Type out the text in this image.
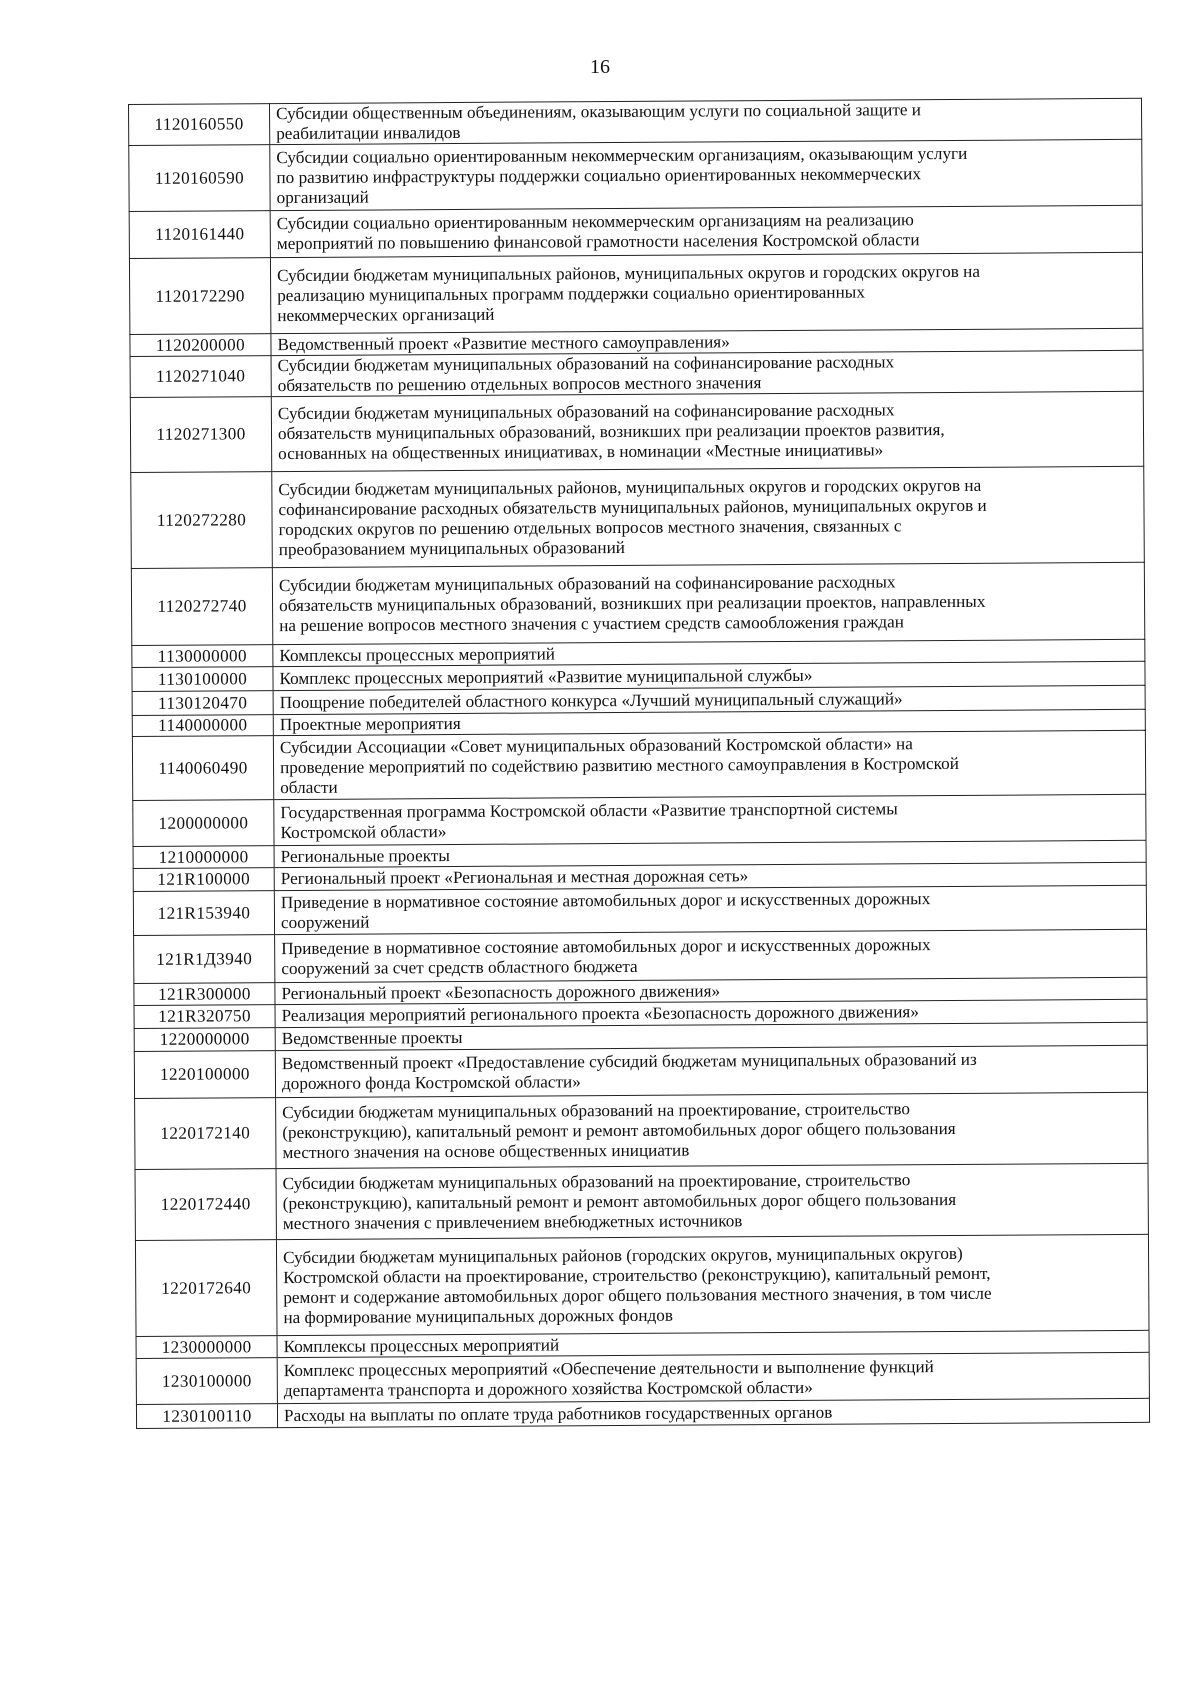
16
1120160550	Субсидии общественным объединениям, оказывающим услуги по социальной защите и
реабилитации инвалидов

1120160590	Субсидии социально ориентированным некоммерческим организациям, оказывающим услуги
по развитию инфраструктуры поддержки социально ориентированных некоммерческих
организаций

1120161440	Субсидии социально ориентированным некоммерческим организациям на реализацию
мероприятий по повышению финансовой грамотности населения Костромской области

1120172290	Субсидии бюджетам муниципальных районов, муниципальных округов и городских округов на
реализацию муниципальных программ поддержки социально ориентированных
некоммерческих организаций

1120200000	Ведомственный проект «Развитие местного самоуправления»

1120271040	Субсидии бюджетам муниципальных образований на софинансирование расходных
обязательств по решению отдельных вопросов местного значения

1120271300	Субсидии бюджетам муниципальных образований на софинансирование расходных
обязательств муниципальных образований, возникших при реализации проектов развития,
основанных на общественных инициативах, в номинации «Местные инициативы»

1120272280	Субсидии бюджетам муниципальных районов, муниципальных округов и городских округов на
софинансирование расходных обязательств муниципальных районов, муниципальных округов и
городских округов по решению отдельных вопросов местного значения, связанных с
преобразованием муниципальных образований

1120272740	Субсидии бюджетам муниципальных образований на софинансирование расходных
обязательств муниципальных образований, возникших при реализации проектов, направленных
на решение вопросов местного значения с участием средств самообложения граждан

1130000000	Комплексы процессных мероприятий

1130100000	Комплекс процессных мероприятий «Развитие муниципальной службы»

1130120470	Поощрение победителей областного конкурса «Лучший муниципальный служащий»

1140000000	Проектные мероприятия

1140060490	Субсидии Ассоциации «Совет муниципальных образований Костромской области» на
проведение мероприятий по содействию развитию местного самоуправления в Костромской
области

1200000000	Государственная программа Костромской области «Развитие транспортной системы
Костромской области»

1210000000	Региональные проекты

121R100000	Региональный проект «Региональная и местная дорожная сеть»

121R153940	Приведение в нормативное состояние автомобильных дорог и искусственных дорожных
сооружений

121R1Д3940	Приведение в нормативное состояние автомобильных дорог и искусственных дорожных
сооружений за счет средств областного бюджета

121R300000	Региональный проект «Безопасность дорожного движения»

121R320750	Реализация мероприятий регионального проекта «Безопасность дорожного движения»

1220000000	Ведомственные проекты

1220100000	Ведомственный проект «Предоставление субсидий бюджетам муниципальных образований из
дорожного фонда Костромской области»

1220172140	Субсидии бюджетам муниципальных образований на проектирование, строительство
(реконструкцию), капитальный ремонт и ремонт автомобильных дорог общего пользования
местного значения на основе общественных инициатив

1220172440	Субсидии бюджетам муниципальных образований на проектирование, строительство
(реконструкцию), капитальный ремонт и ремонт автомобильных дорог общего пользования
местного значения с привлечением внебюджетных источников

1220172640	Субсидии бюджетам муниципальных районов (городских округов, муниципальных округов)
Костромской области на проектирование, строительство (реконструкцию), капитальный ремонт,
ремонт и содержание автомобильных дорог общего пользования местного значения, в том числе
на формирование муниципальных дорожных фондов

1230000000	Комплексы процессных мероприятий

1230100000	Комплекс процессных мероприятий «Обеспечение деятельности и выполнение функций
департамента транспорта и дорожного хозяйства Костромской области»

1230100110	Расходы на выплаты по оплате труда работников государственных органов
